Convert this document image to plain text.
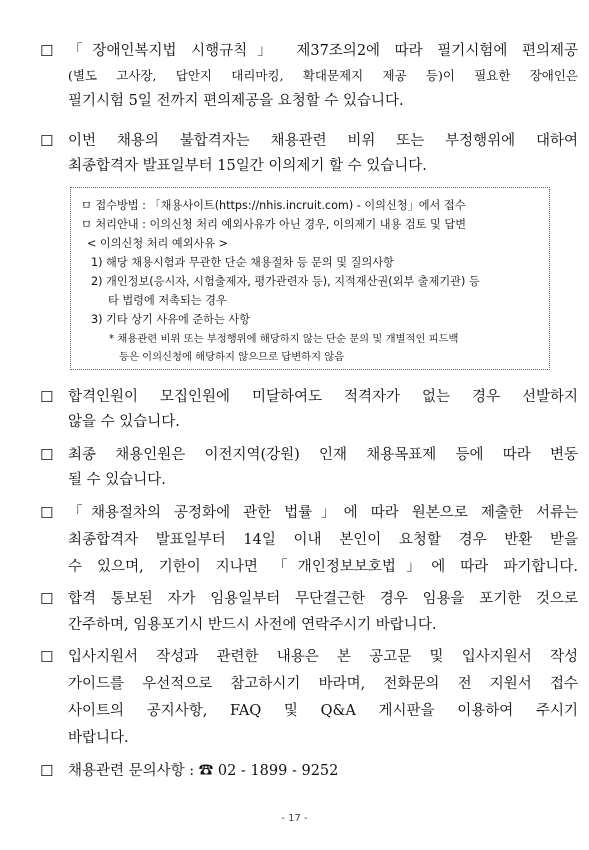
☐ 「장애인복지법 시행규칙」 제37조의2에 따라 필기시험에 편의제공
(별도 고사장, 답안지 대리마킹, 확대문제지 제공 등)이 필요한 장애인은
필기시험 5일 전까지 편의제공을 요청할 수 있습니다.
☐ 이번 채용의 불합격자는 채용관련 비위 또는 부정행위에 대하여
최종합격자 발표일부터 15일간 이의제기 할 수 있습니다.
ㅁ 접수방법 : 「채용사이트(https://nhis.incruit.com) - 이의신청」에서 접수
ㅁ 처리안내 : 이의신청 처리 예외사유가 아닌 경우, 이의제기 내용 검토 및 답변
< 이의신청 처리 예외사유 >
1) 해당 채용시험과 무관한 단순 채용절차 등 문의 및 질의사항
2) 개인정보(응시자, 시험출제자, 평가관련자 등), 지적재산권(외부 출제기관) 등
타 법령에 저촉되는 경우
3) 기타 상기 사유에 준하는 사항
* 채용관련 비위 또는 부정행위에 해당하지 않는 단순 문의 및 개별적인 피드백
등은 이의신청에 해당하지 않으므로 답변하지 않음
☐ 합격인원이 모집인원에 미달하여도 적격자가 없는 경우 선발하지
않을 수 있습니다.
☐ 최종 채용인원은 이전지역(강원) 인재 채용목표제 등에 따라 변동
될 수 있습니다.
☐ 「채용절차의 공정화에 관한 법률」에 따라 원본으로 제출한 서류는
최종합격자 발표일부터 14일 이내 본인이 요청할 경우 반환 받을
수 있으며, 기한이 지나면 「개인정보보호법」에 따라 파기합니다.
☐ 합격 통보된 자가 임용일부터 무단결근한 경우 임용을 포기한 것으로
간주하며, 임용포기시 반드시 사전에 연락주시기 바랍니다.
☐ 입사지원서 작성과 관련한 내용은 본 공고문 및 입사지원서 작성
가이드를 우선적으로 참고하시기 바라며, 전화문의 전 지원서 접수
사이트의 공지사항, FAQ 및 Q&A 게시판을 이용하여 주시기
바랍니다.
☐ 채용관련 문의사항 : ☎ 02 - 1899 - 9252
- 17 -
